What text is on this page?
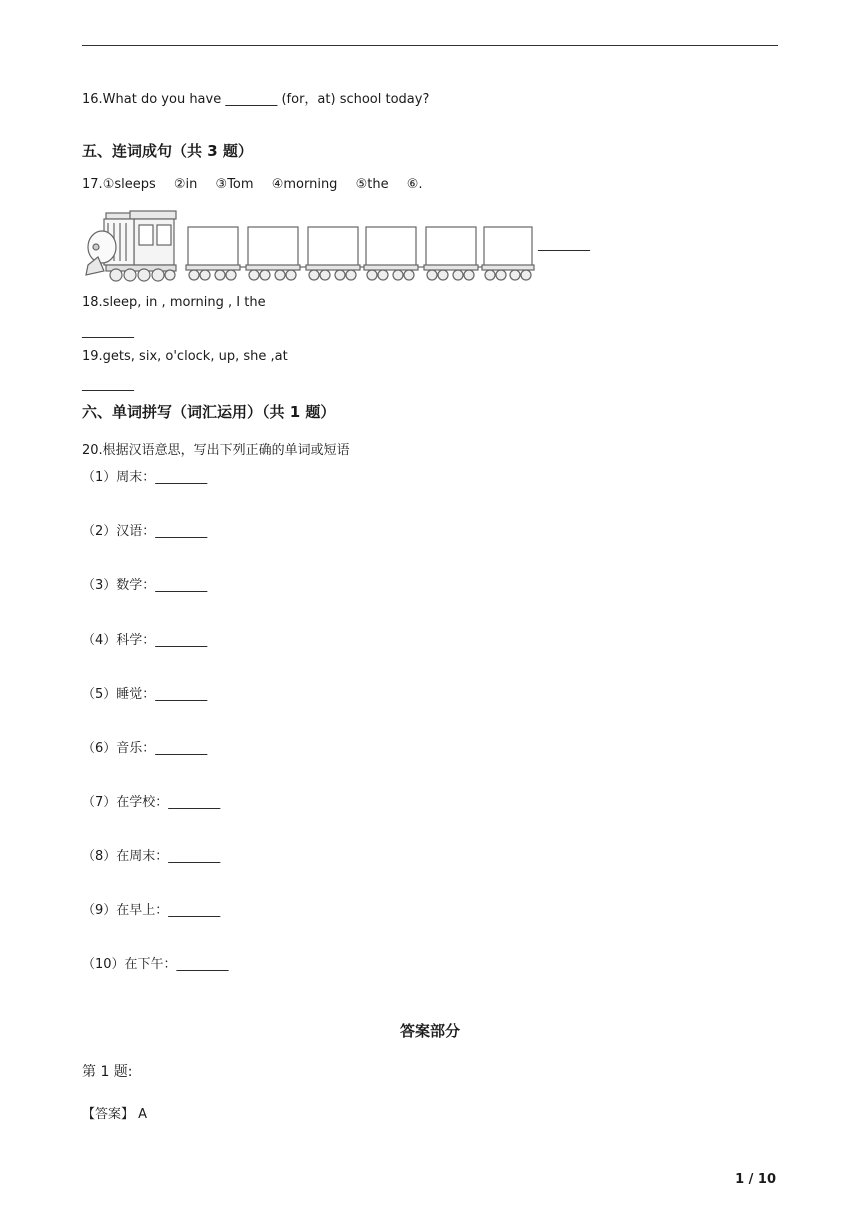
16.What do you have ________ (for，at) school today?
五、连词成句（共 3 题）
17.①sleeps ②in ③Tom ④morning ⑤the ⑥.
________
18.sleep, in , morning , I the
________
19.gets, six, o'clock, up, she ,at
________
六、单词拼写（词汇运用）（共 1 题）
20.根据汉语意思，写出下列正确的单词或短语
（1）周末：________
（2）汉语：________
（3）数学：________
（4）科学：________
（5）睡觉：________
（6）音乐：________
（7）在学校：________
（8）在周末：________
（9）在早上：________
（10）在下午：________
答案部分
第 1 题:
【答案】 A
1 / 10
